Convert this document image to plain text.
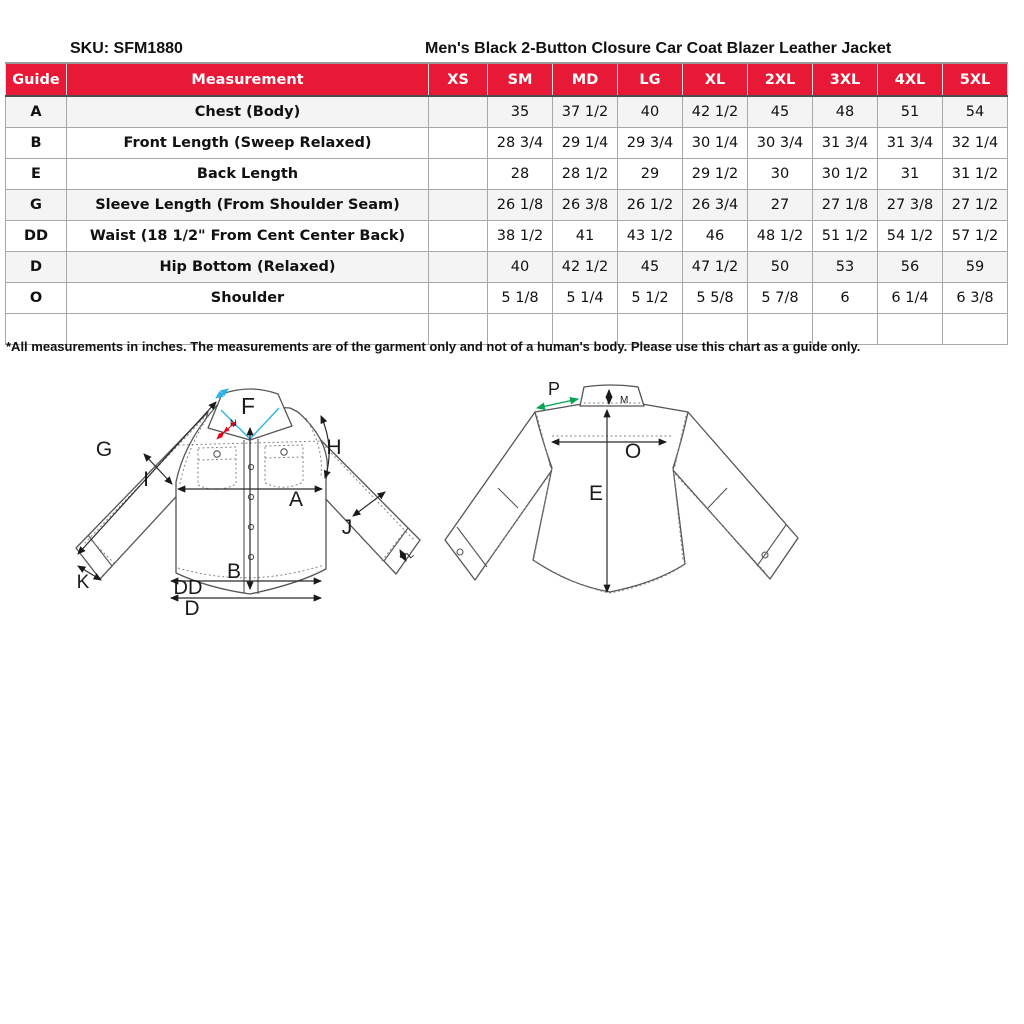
SKU: SFM1880	Men's Black 2-Button Closure Car Coat Blazer Leather Jacket
Guide	Measurement	XS	SM	MD	LG	XL	2XL	3XL	4XL	5XL
A	Chest (Body)		35	37 1/2	40	42 1/2	45	48	51	54
B	Front Length (Sweep Relaxed)		28 3/4	29 1/4	29 3/4	30 1/4	30 3/4	31 3/4	31 3/4	32 1/4
E	Back Length		28	28 1/2	29	29 1/2	30	30 1/2	31	31 1/2
G	Sleeve Length (From Shoulder Seam)		26 1/8	26 3/8	26 1/2	26 3/4	27	27 1/8	27 3/8	27 1/2
DD	Waist (18 1/2" From Cent Center Back)		38 1/2	41	43 1/2	46	48 1/2	51 1/2	54 1/2	57 1/2
D	Hip Bottom (Relaxed)		40	42 1/2	45	47 1/2	50	53	56	59
O	Shoulder		5 1/8	5 1/4	5 1/2	5 5/8	5 7/8	6	6 1/4	6 3/8

*All measurements in inches. The measurements are of the garment only and not of a human's body. Please use this chart as a guide only.
G
I
H
A
J
B
DD
D
K
L
F
N
P
M
O
E
